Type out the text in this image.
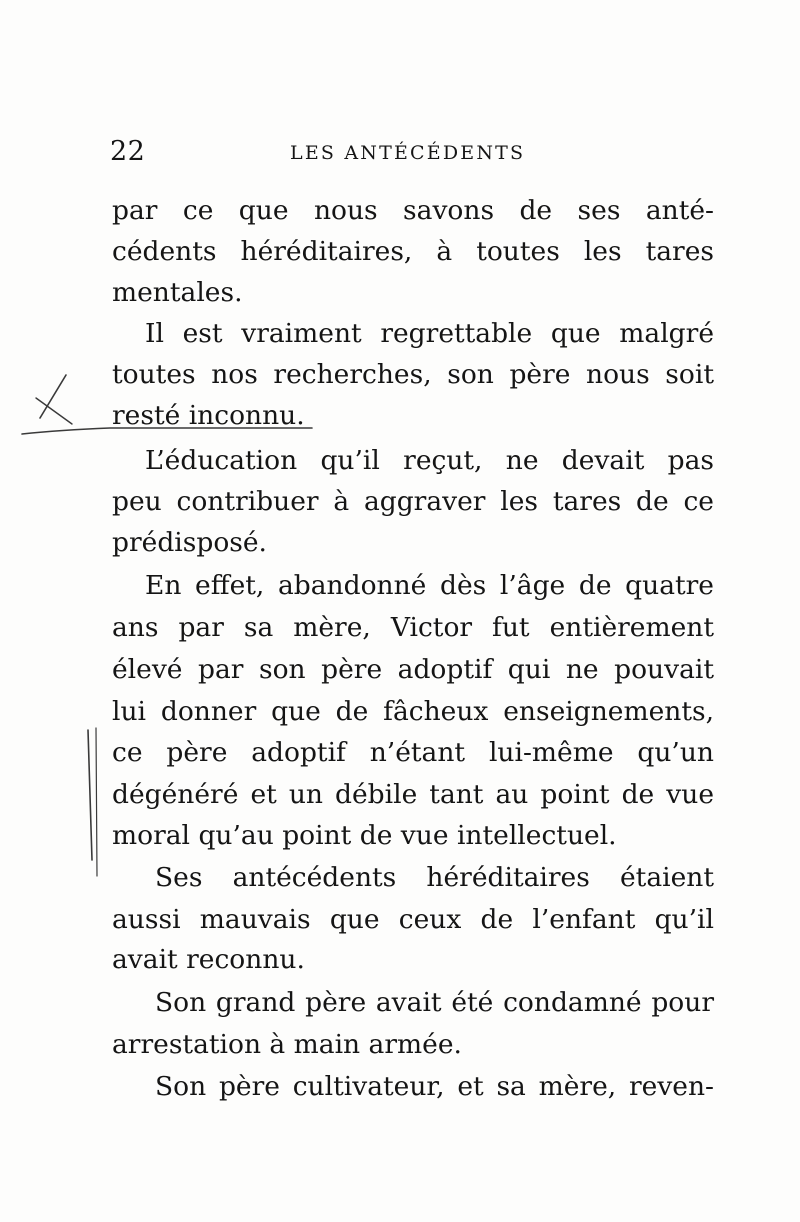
22	LES ANTÉCÉDENTS
par ce que nous savons de ses anté-
cédents héréditaires, à toutes les tares
mentales.
Il est vraiment regrettable que malgré
toutes nos recherches, son père nous soit
resté inconnu.
L’éducation qu’il reçut, ne devait pas
peu contribuer à aggraver les tares de ce
prédisposé.
En effet, abandonné dès l’âge de quatre
ans par sa mère, Victor fut entièrement
élevé par son père adoptif qui ne pouvait
lui donner que de fâcheux enseignements,
ce père adoptif n’étant lui-même qu’un
dégénéré et un débile tant au point de vue
moral qu’au point de vue intellectuel.
Ses antécédents héréditaires étaient
aussi mauvais que ceux de l’enfant qu’il
avait reconnu.
Son grand père avait été condamné pour
arrestation à main armée.
Son père cultivateur, et sa mère, reven-
